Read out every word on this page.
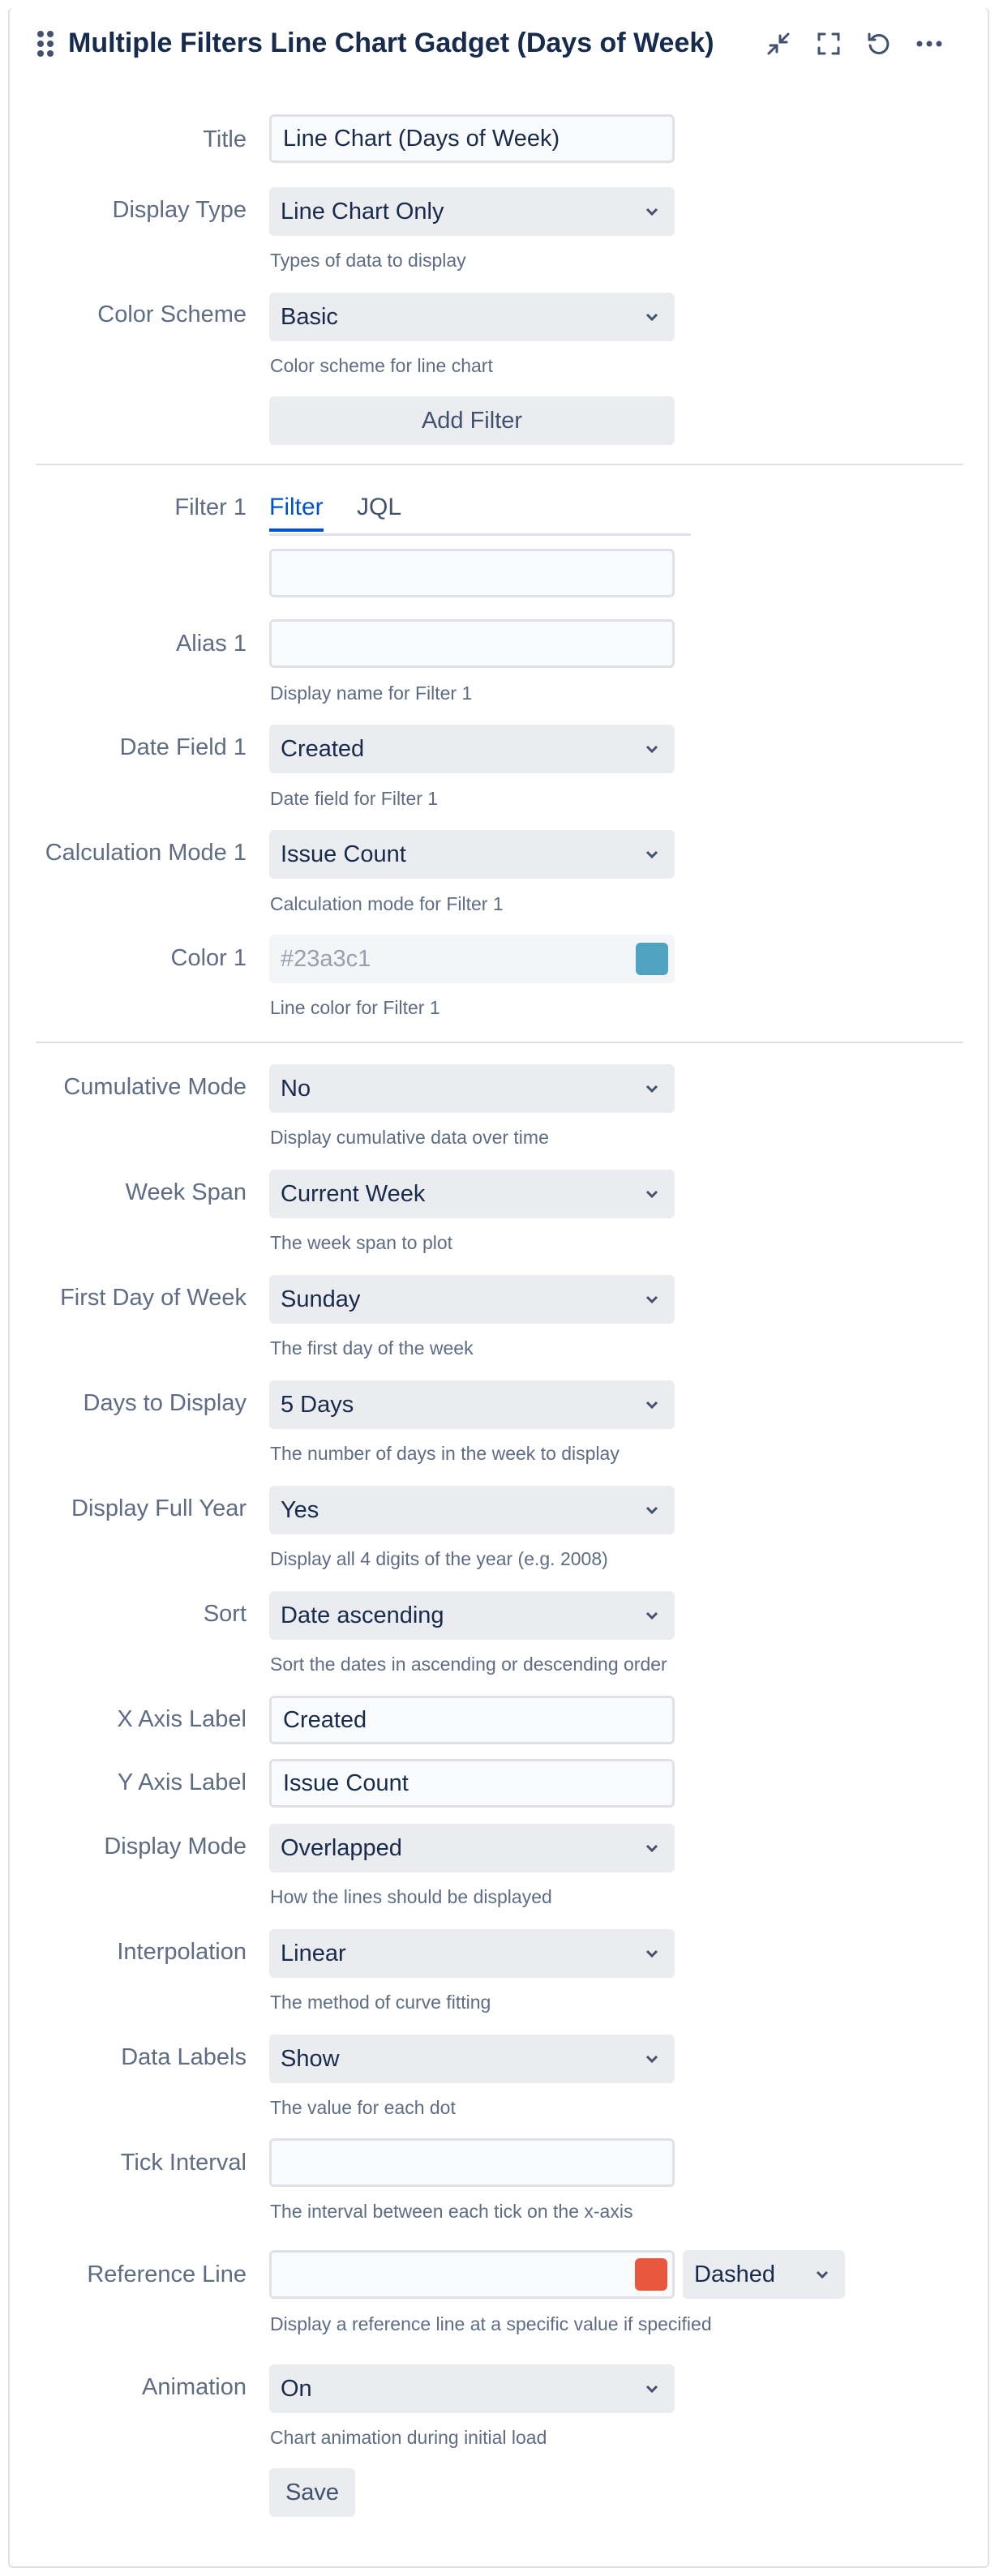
Multiple Filters Line Chart Gadget (Days of Week)
Title Line Chart (Days of Week)
Display Type Line Chart Only
Types of data to display
Color Scheme Basic
Color scheme for line chart
Add Filter
Filter 1 Filter JQL
Alias 1
Display name for Filter 1
Date Field 1 Created
Date field for Filter 1
Calculation Mode 1 Issue Count
Calculation mode for Filter 1
Color 1 #23a3c1
Line color for Filter 1
Cumulative Mode No
Display cumulative data over time
Week Span Current Week
The week span to plot
First Day of Week Sunday
The first day of the week
Days to Display 5 Days
The number of days in the week to display
Display Full Year Yes
Display all 4 digits of the year (e.g. 2008)
Sort Date ascending
Sort the dates in ascending or descending order
X Axis Label Created
Y Axis Label Issue Count
Display Mode Overlapped
How the lines should be displayed
Interpolation Linear
The method of curve fitting
Data Labels Show
The value for each dot
Tick Interval
The interval between each tick on the x-axis
Reference Line	Dashed
Display a reference line at a specific value if specified
Animation On
Chart animation during initial load
Save
